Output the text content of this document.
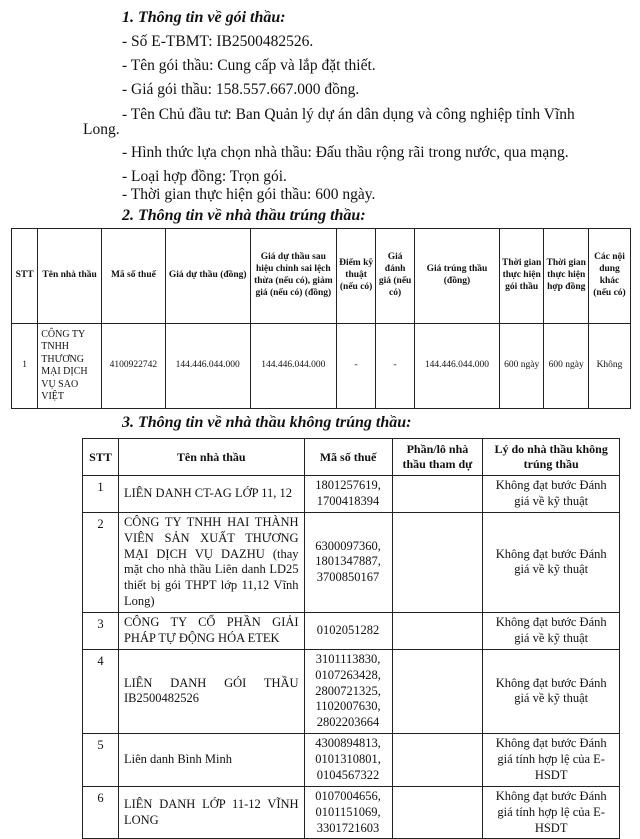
1. Thông tin về gói thầu:
- Số E-TBMT: IB2500482526.
- Tên gói thầu: Cung cấp và lắp đặt thiết.
- Giá gói thầu: 158.557.667.000 đồng.
- Tên Chủ đầu tư: Ban Quản lý dự án dân dụng và công nghiệp tỉnh Vĩnh
Long.
- Hình thức lựa chọn nhà thầu: Đấu thầu rộng rãi trong nước, qua mạng.
- Loại hợp đồng: Trọn gói.
- Thời gian thực hiện gói thầu: 600 ngày.
2. Thông tin về nhà thầu trúng thầu:
STT	Tên nhà thầu	Mã số thuế	Giá dự thầu (đồng)	Giá dự thầu sau hiệu chỉnh sai lệch thừa (nếu có), giảm giá (nếu có) (đồng)	Điểm kỹ thuật (nếu có)	Giá đánh giá (nếu có)	Giá trúng thầu (đồng)	Thời gian thực hiện gói thầu	Thời gian thực hiện hợp đồng	Các nội dung khác (nếu có)
1	CÔNG TY TNHH THƯƠNG MẠI DỊCH VỤ SAO VIỆT	4100922742	144.446.044.000	144.446.044.000	-	-	144.446.044.000	600 ngày	600 ngày	Không
3. Thông tin về nhà thầu không trúng thầu:
STT	Tên nhà thầu	Mã số thuế	Phần/lô nhà thầu tham dự	Lý do nhà thầu không trúng thầu
1	LIÊN DANH CT-AG LỚP 11, 12	1801257619, 1700418394		Không đạt bước Đánh giá về kỹ thuật
2	CÔNG TY TNHH HAI THÀNH VIÊN SẢN XUẤT THƯƠNG MẠI DỊCH VỤ DAZHU (thay mặt cho nhà thầu Liên danh LD25 thiết bị gói THPT lớp 11,12 Vĩnh Long)	6300097360, 1801347887, 3700850167		Không đạt bước Đánh giá về kỹ thuật
3	CÔNG TY CỔ PHẦN GIẢI PHÁP TỰ ĐỘNG HÓA ETEK	0102051282		Không đạt bước Đánh giá về kỹ thuật
4	LIÊN DANH GÓI THẦU IB2500482526	3101113830, 0107263428, 2800721325, 1102007630, 2802203664		Không đạt bước Đánh giá về kỹ thuật
5	Liên danh Bình Minh	4300894813, 0101310801, 0104567322		Không đạt bước Đánh giá tính hợp lệ của E-HSDT
6	LIÊN DANH LỚP 11-12 VĨNH LONG	0107004656, 0101151069, 3301721603		Không đạt bước Đánh giá tính hợp lệ của E-HSDT
